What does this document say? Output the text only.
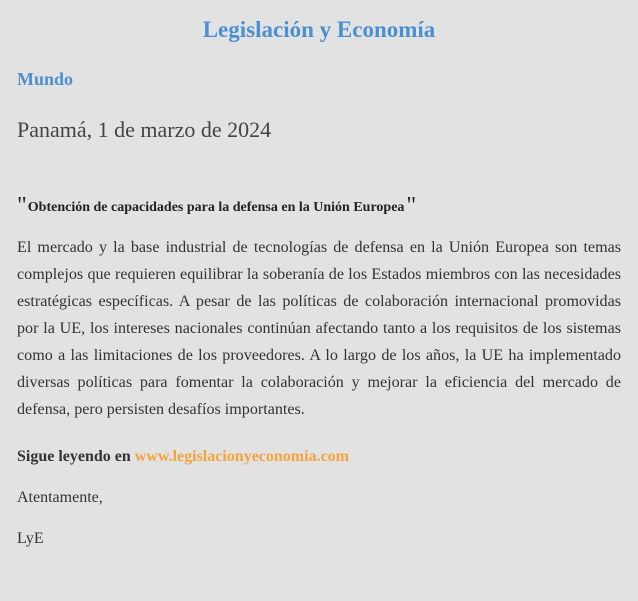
Legislación y Economía
Mundo

Panamá, 1 de marzo de 2024

"Obtención de capacidades para la defensa en la Unión Europea"

El mercado y la base industrial de tecnologías de defensa en la Unión Europea son temas complejos que requieren equilibrar la soberanía de los Estados miembros con las necesidades estratégicas específicas. A pesar de las políticas de colaboración internacional promovidas por la UE, los intereses nacionales continúan afectando tanto a los requisitos de los sistemas como a las limitaciones de los proveedores. A lo largo de los años, la UE ha implementado diversas políticas para fomentar la colaboración y mejorar la eficiencia del mercado de defensa, pero persisten desafíos importantes.

Sigue leyendo en www.legislacionyeconomia.com

Atentamente,

LyE
